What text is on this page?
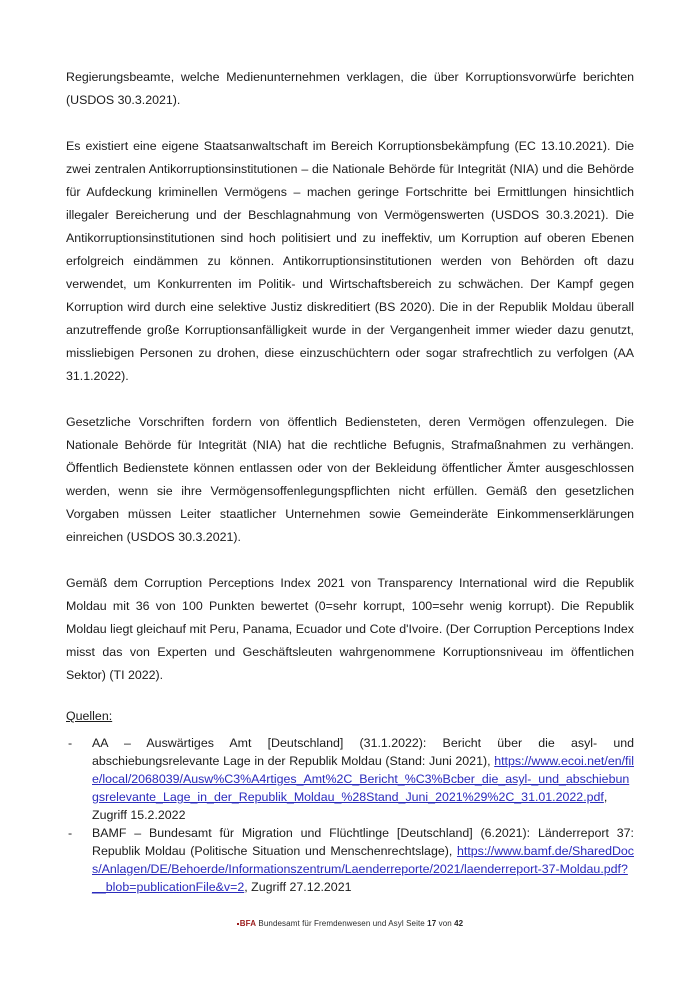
Regierungsbeamte, welche Medienunternehmen verklagen, die über Korruptionsvorwürfe berichten (USDOS 30.3.2021).

Es existiert eine eigene Staatsanwaltschaft im Bereich Korruptionsbekämpfung (EC 13.10.2021). Die zwei zentralen Antikorruptionsinstitutionen – die Nationale Behörde für Integrität (NIA) und die Behörde für Aufdeckung kriminellen Vermögens – machen geringe Fortschritte bei Ermittlungen hinsichtlich illegaler Bereicherung und der Beschlagnahmung von Vermögenswerten (USDOS 30.3.2021). Die Antikorruptionsinstitutionen sind hoch politisiert und zu ineffektiv, um Korruption auf oberen Ebenen erfolgreich eindämmen zu können. Antikorruptionsinstitutionen werden von Behörden oft dazu verwendet, um Konkurrenten im Politik- und Wirtschaftsbereich zu schwächen. Der Kampf gegen Korruption wird durch eine selektive Justiz diskreditiert (BS 2020). Die in der Republik Moldau überall anzutreffende große Korruptionsanfälligkeit wurde in der Vergangenheit immer wieder dazu genutzt, missliebigen Personen zu drohen, diese einzuschüchtern oder sogar strafrechtlich zu verfolgen (AA 31.1.2022).

Gesetzliche Vorschriften fordern von öffentlich Bediensteten, deren Vermögen offenzulegen. Die Nationale Behörde für Integrität (NIA) hat die rechtliche Befugnis, Strafmaßnahmen zu verhängen. Öffentlich Bedienstete können entlassen oder von der Bekleidung öffentlicher Ämter ausgeschlossen werden, wenn sie ihre Vermögensoffenlegungspflichten nicht erfüllen. Gemäß den gesetzlichen Vorgaben müssen Leiter staatlicher Unternehmen sowie Gemeinderäte Einkommenserklärungen einreichen (USDOS 30.3.2021).

Gemäß dem Corruption Perceptions Index 2021 von Transparency International wird die Republik Moldau mit 36 von 100 Punkten bewertet (0=sehr korrupt, 100=sehr wenig korrupt). Die Republik Moldau liegt gleichauf mit Peru, Panama, Ecuador und Cote d'Ivoire. (Der Corruption Perceptions Index misst das von Experten und Geschäftsleuten wahrgenommene Korruptionsniveau im öffentlichen Sektor) (TI 2022).

Quellen:
- AA – Auswärtiges Amt [Deutschland] (31.1.2022): Bericht über die asyl- und abschiebungsrelevante Lage in der Republik Moldau (Stand: Juni 2021), https://www.ecoi.net/en/file/local/2068039/Ausw%C3%A4rtiges_Amt%2C_Bericht_%C3%Bcber_die_asyl-_und_abschiebungsrelevante_Lage_in_der_Republik_Moldau_%28Stand_Juni_2021%29%2C_31.01.2022.pdf, Zugriff 15.2.2022
- BAMF – Bundesamt für Migration und Flüchtlinge [Deutschland] (6.2021): Länderreport 37: Republik Moldau (Politische Situation und Menschenrechtslage), https://www.bamf.de/SharedDocs/Anlagen/DE/Behoerde/Informationszentrum/Laenderreporte/2021/laenderreport-37-Moldau.pdf?__blob=publicationFile&v=2, Zugriff 27.12.2021
BFA Bundesamt für Fremdenwesen und Asyl Seite 17 von 42
